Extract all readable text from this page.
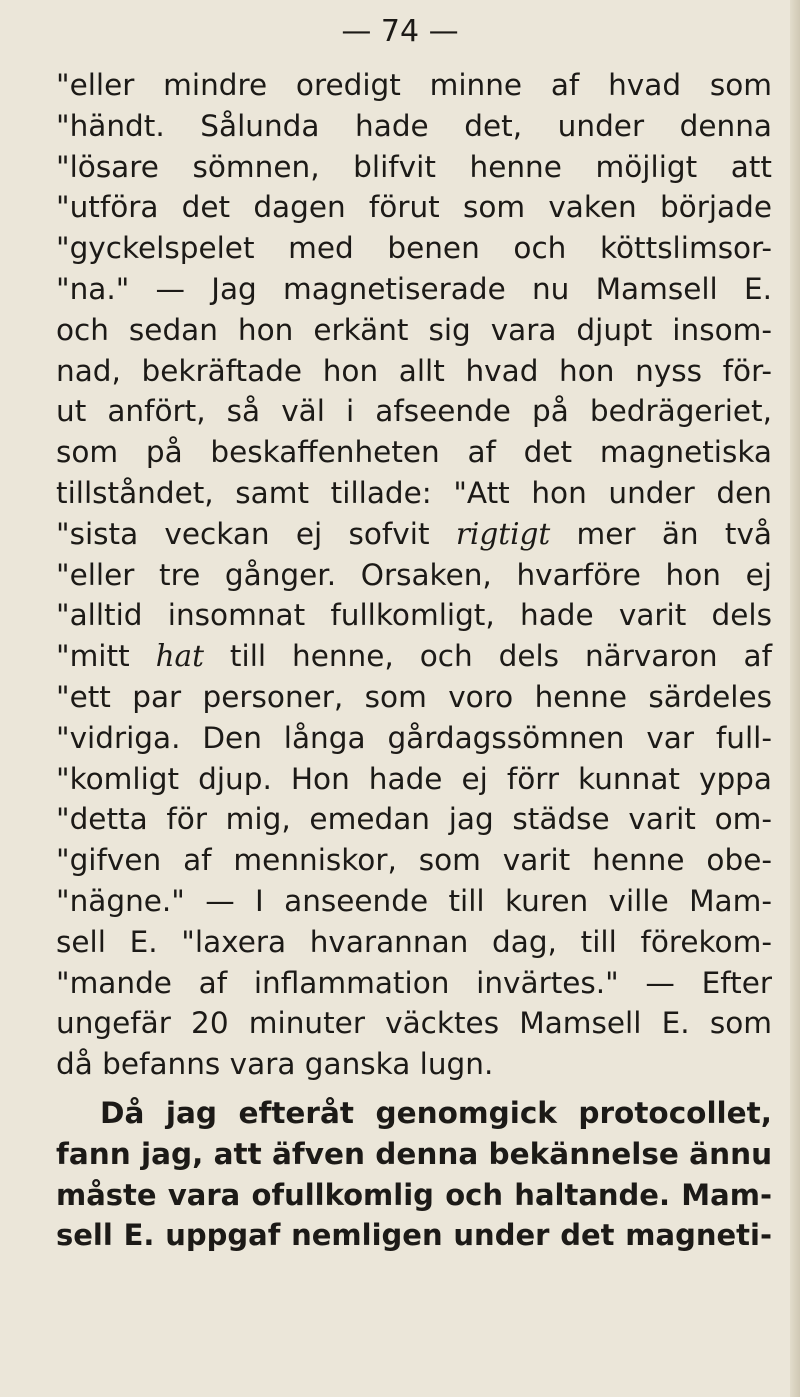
— 74 —
"eller mindre oredigt minne af hvad som
"händt. Sålunda hade det, under denna
"lösare sömnen, blifvit henne möjligt att
"utföra det dagen förut som vaken började
"gyckelspelet med benen och köttslimsor-
"na." — Jag magnetiserade nu Mamsell E.
och sedan hon erkänt sig vara djupt insom-
nad, bekräftade hon allt hvad hon nyss för-
ut anfört, så väl i afseende på bedrägeriet,
som på beskaffenheten af det magnetiska
tillståndet, samt tillade: "Att hon under den
"sista veckan ej sofvit rigtigt mer än två
"eller tre gånger. Orsaken, hvarföre hon ej
"alltid insomnat fullkomligt, hade varit dels
"mitt hat till henne, och dels närvaron af
"ett par personer, som voro henne särdeles
"vidriga. Den långa gårdagssömnen var full-
"komligt djup. Hon hade ej förr kunnat yppa
"detta för mig, emedan jag städse varit om-
"gifven af menniskor, som varit henne obe-
"nägne." — I anseende till kuren ville Mam-
sell E. "laxera hvarannan dag, till förekom-
"mande af inflammation invärtes." — Efter
ungefär 20 minuter väcktes Mamsell E. som
då befanns vara ganska lugn.
Då jag efteråt genomgick protocollet,
fann jag, att äfven denna bekännelse ännu
måste vara ofullkomlig och haltande. Mam-
sell E. uppgaf nemligen under det magneti-
